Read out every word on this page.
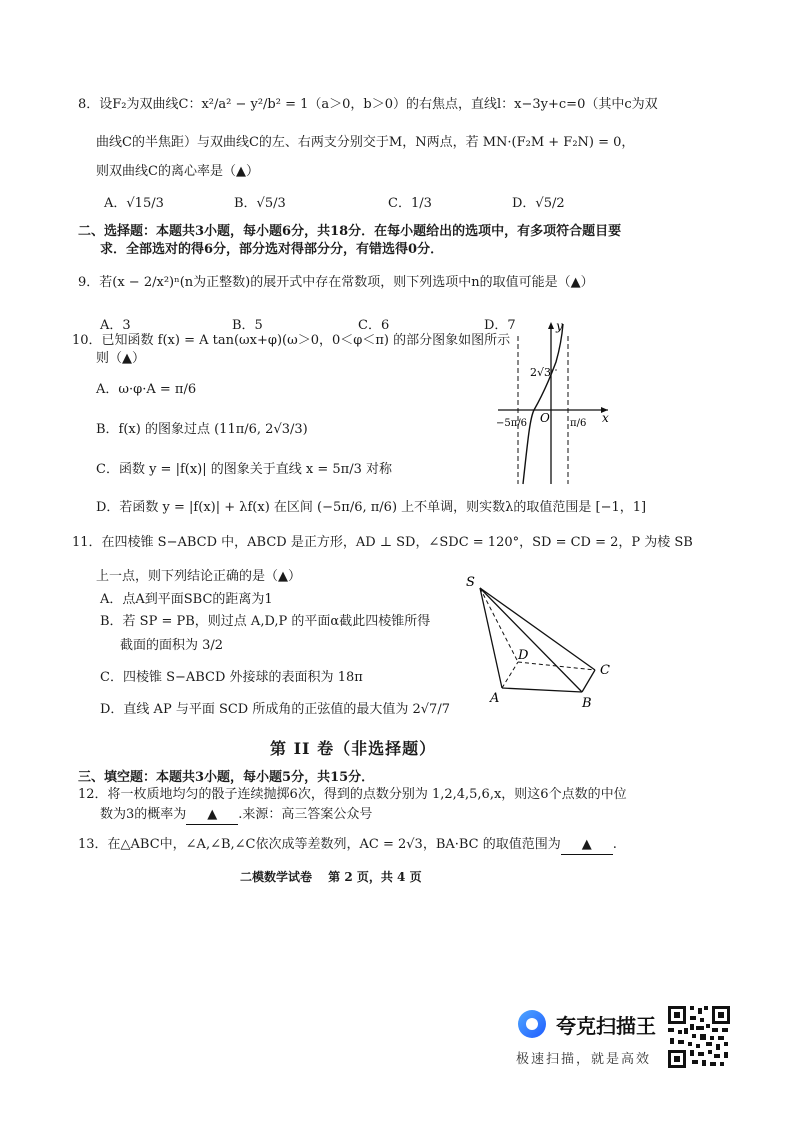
8．设F₂为双曲线C：x²/a² − y²/b² = 1（a＞0，b＞0）的右焦点，直线l：x−3y+c=0（其中c为双
曲线C的半焦距）与双曲线C的左、右两支分别交于M，N两点，若 MN·(F₂M + F₂N) = 0，
则双曲线C的离心率是（▲）
A．√15/3	B．√5/3	C．1/3	D．√5/2
二、选择题：本题共3小题，每小题6分，共18分．在每小题给出的选项中，有多项符合题目要
求．全部选对的得6分，部分选对得部分分，有错选得0分．
9．若(x − 2/x²)ⁿ(n为正整数)的展开式中存在常数项，则下列选项中n的取值可能是（▲）
A．3	B．5	C．6	D．7
10．已知函数 f(x) = A tan(ωx+φ)(ω＞0，0＜φ＜π) 的部分图象如图所示
则（▲）
A．ω·φ·A = π/6
B．f(x) 的图象过点 (11π/6, 2√3/3)
C．函数 y = |f(x)| 的图象关于直线 x = 5π/3 对称
D．若函数 y = |f(x)| + λf(x) 在区间 (−5π/6, π/6) 上不单调，则实数λ的取值范围是 [−1，1]
y
x
2√3
O
−5π/6	π/6
11．在四棱锥 S−ABCD 中，ABCD 是正方形，AD ⊥ SD，∠SDC = 120°，SD = CD = 2，P 为棱 SB
上一点，则下列结论正确的是（▲）
A．点A到平面SBC的距离为1
B．若 SP = PB，则过点 A,D,P 的平面α截此四棱锥所得
截面的面积为 3/2
C．四棱锥 S−ABCD 外接球的表面积为 18π
D．直线 AP 与平面 SCD 所成角的正弦值的最大值为 2√7/7
S
A	B
C
D
第 II 卷（非选择题）
三、填空题：本题共3小题，每小题5分，共15分．
12．将一枚质地均匀的骰子连续抛掷6次，得到的点数分别为 1,2,4,5,6,x，则这6个点数的中位
数为3的概率为 ▲ .来源：高三答案公众号
13．在△ABC中，∠A,∠B,∠C依次成等差数列，AC = 2√3，BA·BC 的取值范围为 ▲ .
二模数学试卷　 第 2 页，共 4 页
夸克扫描王
极速扫描，就是高效
